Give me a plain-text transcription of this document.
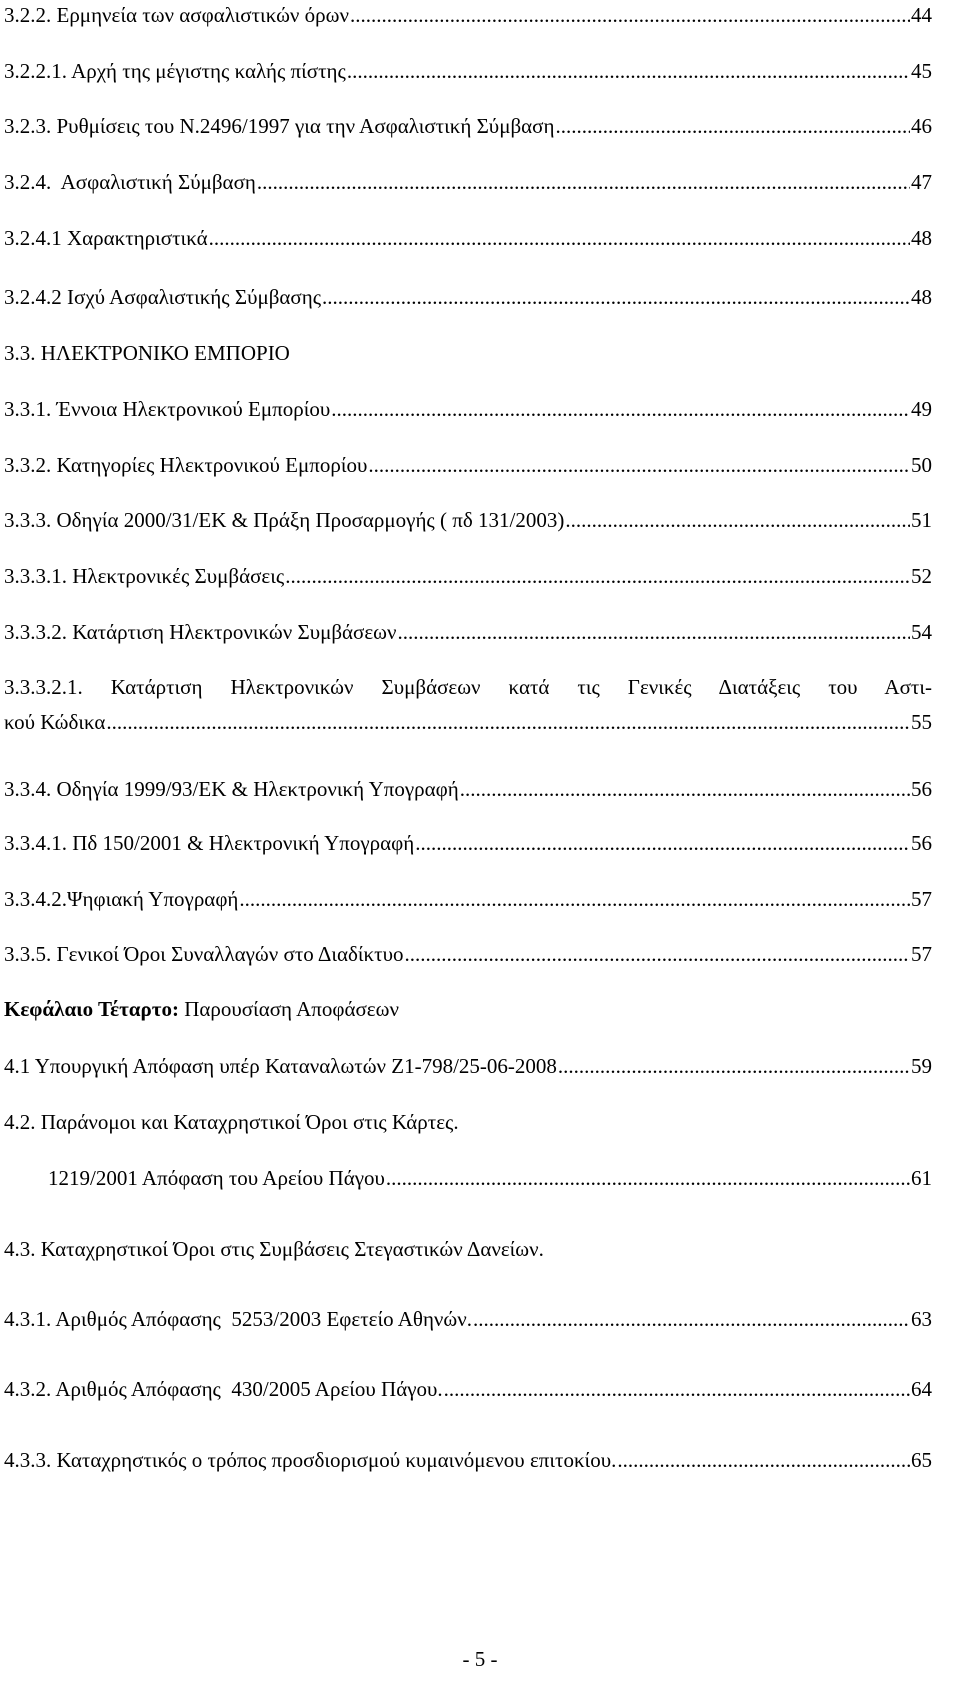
3.2.2. Ερμηνεία των ασφαλιστικών όρων .....	44
3.2.2.1. Αρχή της μέγιστης καλής πίστης .....	45
3.2.3. Ρυθμίσεις του Ν.2496/1997 για την Ασφαλιστική Σύμβαση .....	46
3.2.4.  Ασφαλιστική Σύμβαση .....	47
3.2.4.1 Χαρακτηριστικά .....	48
3.2.4.2 Ισχύ Ασφαλιστικής Σύμβασης .....	48
3.3. ΗΛΕΚΤΡΟΝΙΚΟ ΕΜΠΟΡΙΟ
3.3.1. Έννοια Ηλεκτρονικού Εμπορίου .....	49
3.3.2. Κατηγορίες Ηλεκτρονικού Εμπορίου .....	50
3.3.3. Οδηγία 2000/31/ΕΚ & Πράξη Προσαρμογής ( πδ 131/2003) .....	51
3.3.3.1. Ηλεκτρονικές Συμβάσεις .....	52
3.3.3.2. Κατάρτιση Ηλεκτρονικών Συμβάσεων .....	54
3.3.3.2.1. Κατάρτιση Ηλεκτρονικών Συμβάσεων κατά τις Γενικές Διατάξεις του Αστι-
κού Κώδικα .....	55
3.3.4. Οδηγία 1999/93/ΕΚ & Ηλεκτρονική Υπογραφή .....	56
3.3.4.1. Πδ 150/2001 & Ηλεκτρονική Υπογραφή .....	56
3.3.4.2.Ψηφιακή Υπογραφή .....	57
3.3.5. Γενικοί Όροι Συναλλαγών στο Διαδίκτυο .....	57
Κεφάλαιο Τέταρτο: Παρουσίαση Αποφάσεων
4.1 Υπουργική Απόφαση υπέρ Καταναλωτών Ζ1-798/25-06-2008 .....	59
4.2. Παράνομοι και Καταχρηστικοί Όροι στις Κάρτες.
1219/2001 Απόφαση του Αρείου Πάγου .....	61
4.3. Καταχρηστικοί Όροι στις Συμβάσεις Στεγαστικών Δανείων.
4.3.1. Αριθμός Απόφασης  5253/2003 Εφετείο Αθηνών. .....	63
4.3.2. Αριθμός Απόφασης  430/2005 Αρείου Πάγου. .....	64
4.3.3. Καταχρηστικός ο τρόπος προσδιορισμού κυμαινόμενου επιτοκίου. .....	65
- 5 -
